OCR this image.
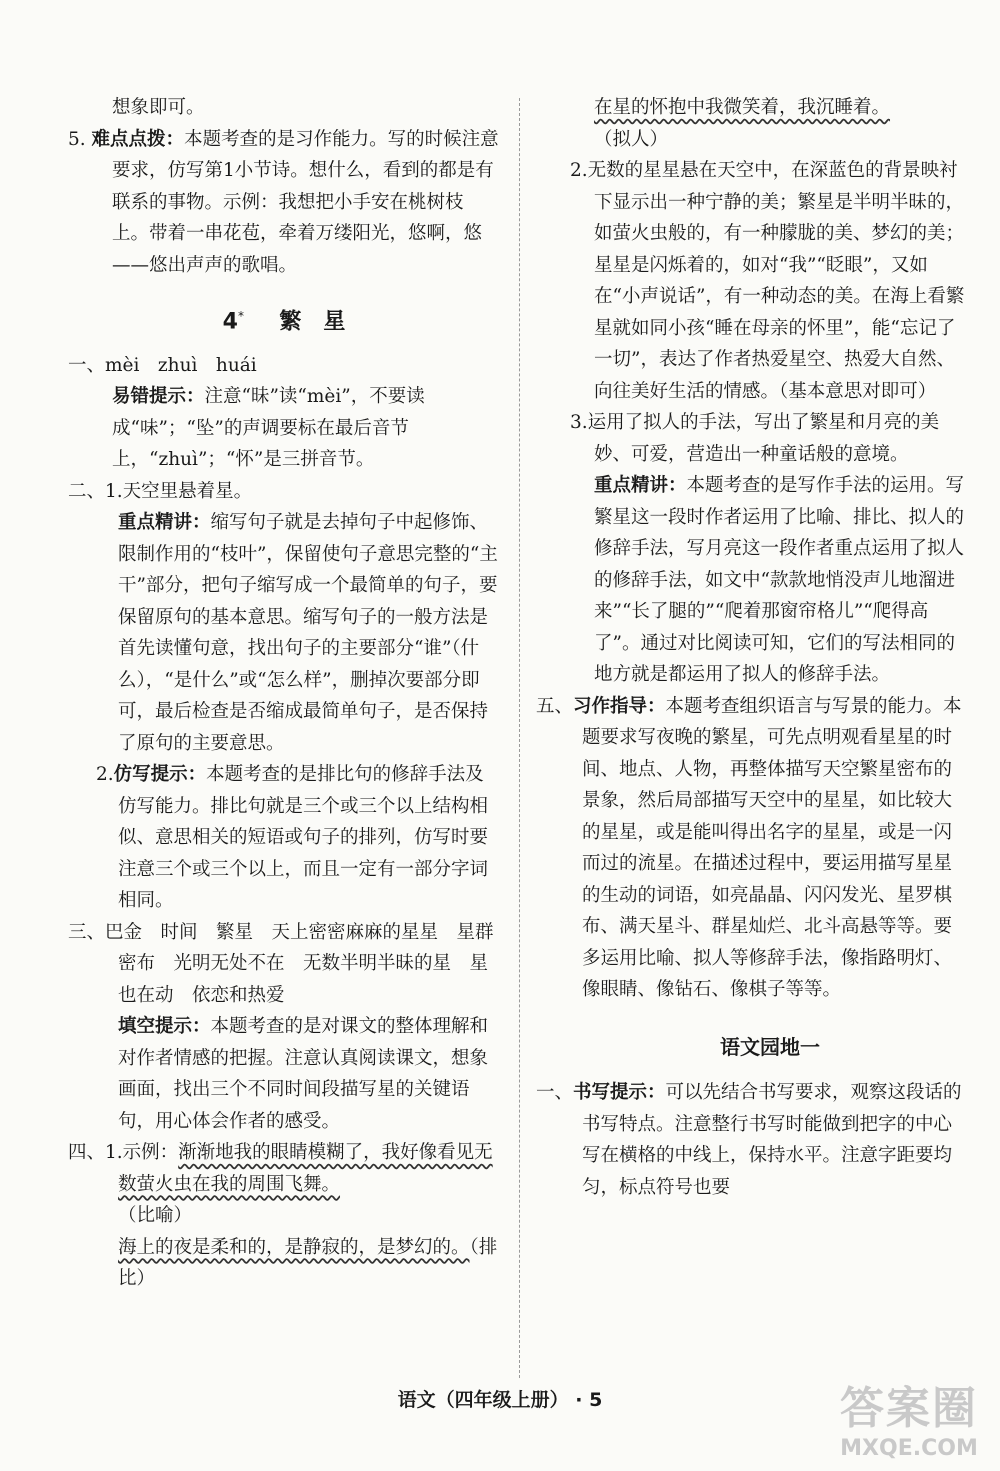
想象即可。

5. 难点点拨：本题考查的是习作能力。写的时候注意要求，仿写第1小节诗。想什么，看到的都是有联系的事物。示例：我想把小手安在桃树枝上。带着一串花苞，牵着万缕阳光，悠啊，悠——悠出声声的歌唱。

4* 繁　星

一、mèi　zhuì　huái

易错提示：注意“昧”读“mèi”，不要读成“味”；“坠”的声调要标在最后音节上，“zhuì”；“怀”是三拼音节。

二、1.天空里悬着星。

重点精讲：缩写句子就是去掉句子中起修饰、限制作用的“枝叶”，保留使句子意思完整的“主干”部分，把句子缩写成一个最简单的句子，要保留原句的基本意思。缩写句子的一般方法是首先读懂句意，找出句子的主要部分“谁”（什么），“是什么”或“怎么样”，删掉次要部分即可，最后检查是否缩成最简单句子，是否保持了原句的主要意思。

2.仿写提示：本题考查的是排比句的修辞手法及仿写能力。排比句就是三个或三个以上结构相似、意思相关的短语或句子的排列，仿写时要注意三个或三个以上，而且一定有一部分字词相同。

三、巴金　时间　繁星　天上密密麻麻的星星　星群密布　光明无处不在　无数半明半昧的星　星也在动　依恋和热爱

填空提示：本题考查的是对课文的整体理解和对作者情感的把握。注意认真阅读课文，想象画面，找出三个不同时间段描写星的关键语句，用心体会作者的感受。

四、1.示例：渐渐地我的眼睛模糊了，我好像看见无数萤火虫在我的周围飞舞。

（比喻）

海上的夜是柔和的，是静寂的，是梦幻的。（排比）

在星的怀抱中我微笑着，我沉睡着。

（拟人）

2.无数的星星悬在天空中，在深蓝色的背景映衬下显示出一种宁静的美；繁星是半明半昧的，如萤火虫般的，有一种朦胧的美、梦幻的美；星星是闪烁着的，如对“我”“眨眼”，又如在“小声说话”，有一种动态的美。在海上看繁星就如同小孩“睡在母亲的怀里”，能“忘记了一切”，表达了作者热爱星空、热爱大自然、向往美好生活的情感。（基本意思对即可）

3.运用了拟人的手法，写出了繁星和月亮的美妙、可爱，营造出一种童话般的意境。

重点精讲：本题考查的是写作手法的运用。写繁星这一段时作者运用了比喻、排比、拟人的修辞手法，写月亮这一段作者重点运用了拟人的修辞手法，如文中“款款地悄没声儿地溜进来”“长了腿的”“爬着那窗帘格儿”“爬得高了”。通过对比阅读可知，它们的写法相同的地方就是都运用了拟人的修辞手法。

五、习作指导：本题考查组织语言与写景的能力。本题要求写夜晚的繁星，可先点明观看星星的时间、地点、人物，再整体描写天空繁星密布的景象，然后局部描写天空中的星星，如比较大的星星，或是能叫得出名字的星星，或是一闪而过的流星。在描述过程中，要运用描写星星的生动的词语，如亮晶晶、闪闪发光、星罗棋布、满天星斗、群星灿烂、北斗高悬等等。要多运用比喻、拟人等修辞手法，像指路明灯、像眼睛、像钻石、像棋子等等。

语文园地一

一、书写提示：可以先结合书写要求，观察这段话的书写特点。注意整行书写时能做到把字的中心写在横格的中线上，保持水平。注意字距要均匀，标点符号也要

语文（四年级上册） · 5	答案圈
MXQE.COM
